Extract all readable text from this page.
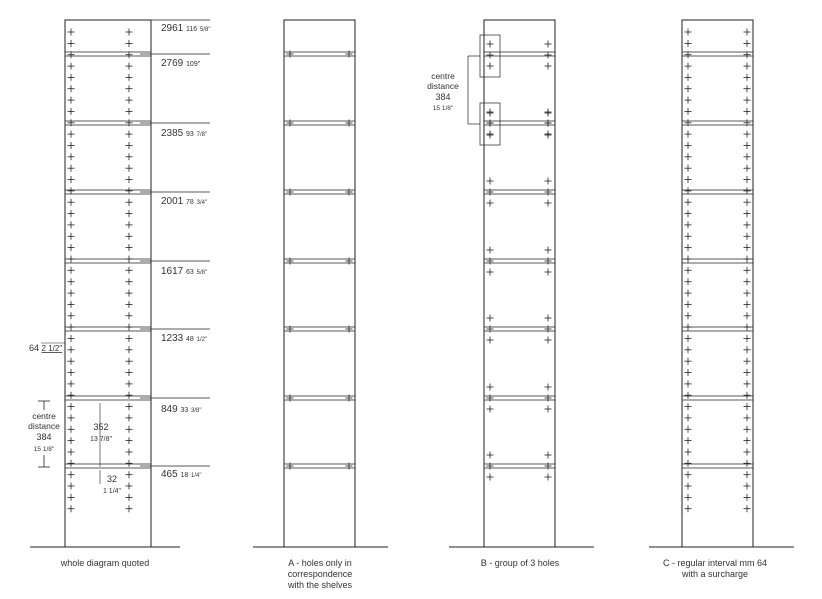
2961 116 5/8"
2769 109"
2385 93 7/8"
2001 78 3/4"
1617 63 5/8"
1233 48 1/2"
849 33 3/8"
465 18 1/4"
64 2 1/2"
centre
distance
384
15 1/8"
352
13 7/8"
32
1 1/4"
centre
distance
384
15 1/8"
whole diagram quoted	A - holes only in
correspondence
with the shelves
B - group of 3 holes	C - regular interval mm 64
with a surcharge
